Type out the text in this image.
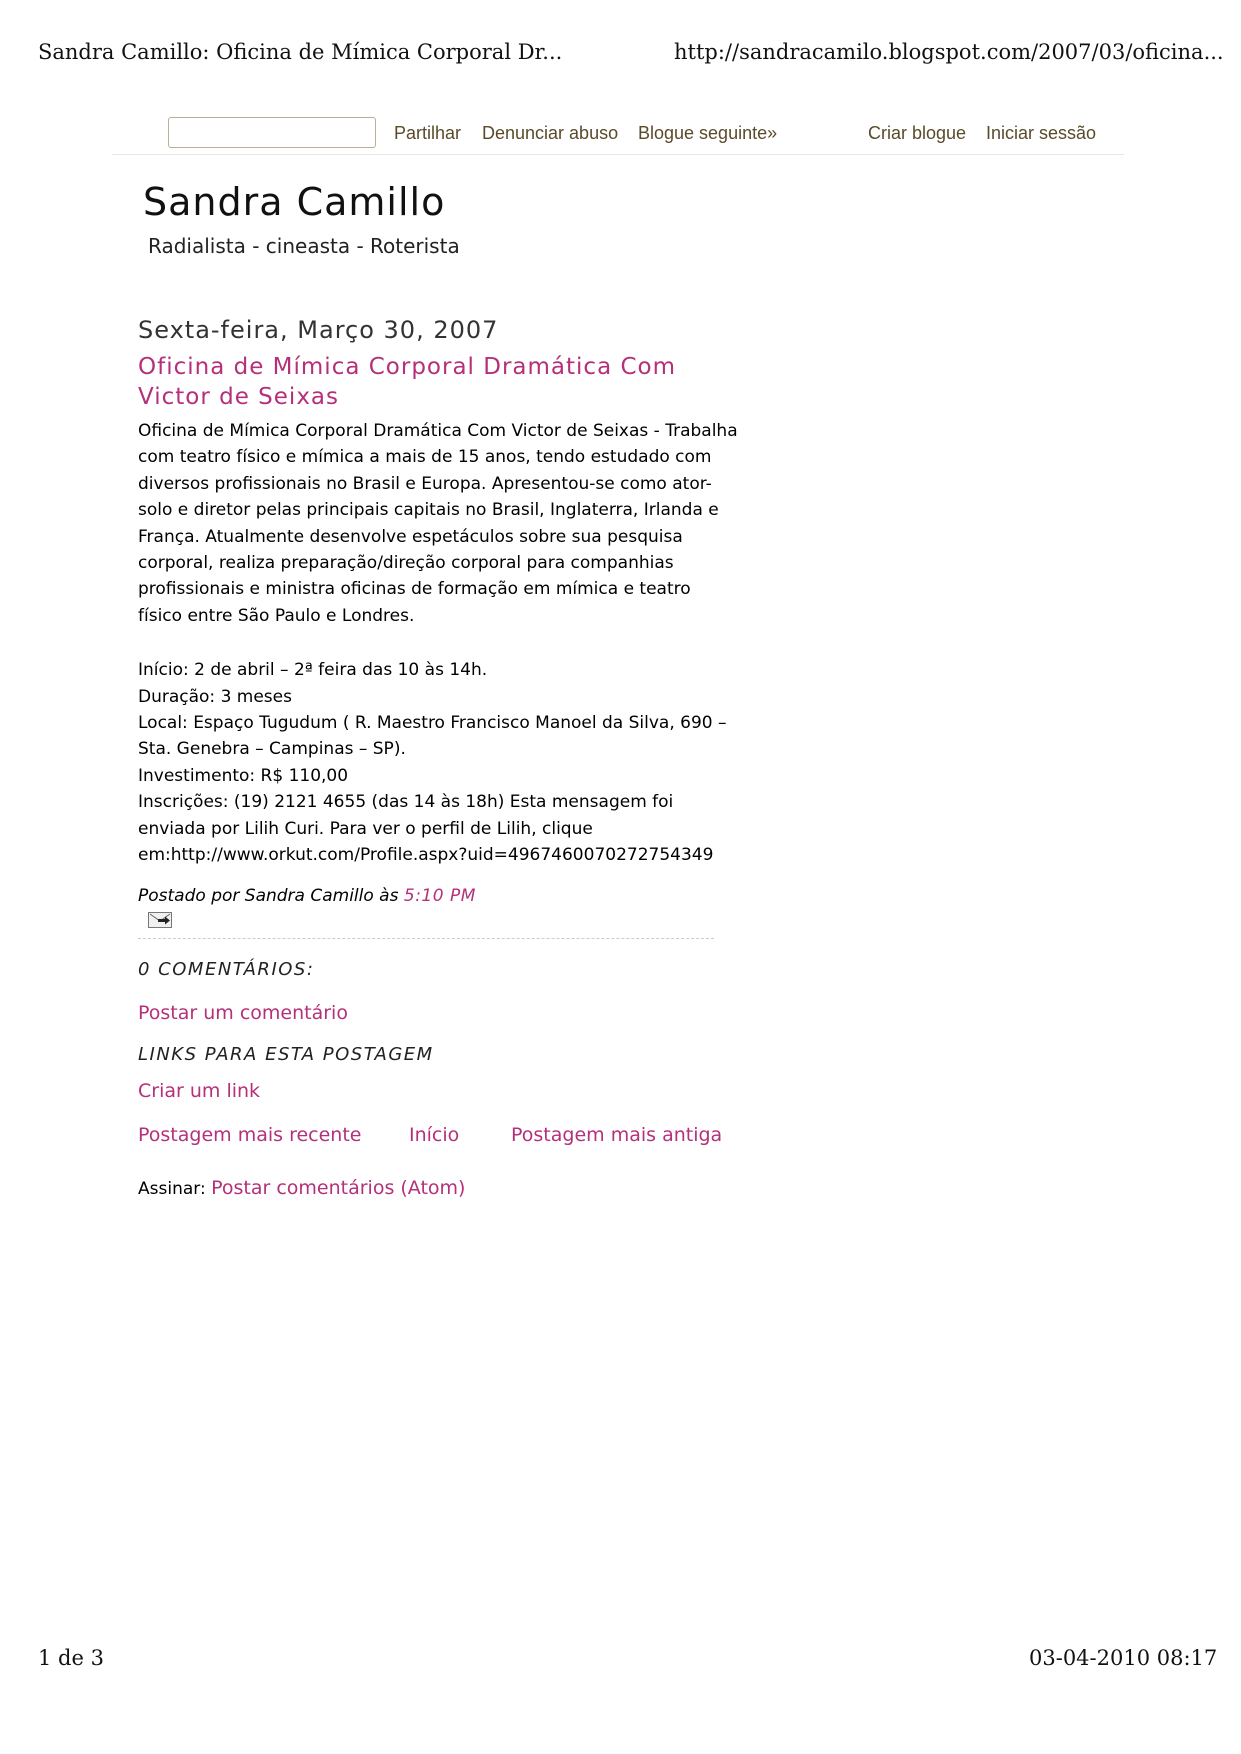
Sandra Camillo: Oficina de Mímica Corporal Dr...	http://sandracamilo.blogspot.com/2007/03/oficina...
Partilhar Denunciar abuso Blogue seguinte»	Criar blogue Iniciar sessão
Sandra Camillo
Radialista - cineasta - Roterista
Sexta-feira, Março 30, 2007
Oficina de Mímica Corporal Dramática Com Victor de Seixas

Oficina de Mímica Corporal Dramática Com Victor de Seixas - Trabalha com teatro físico e mímica a mais de 15 anos, tendo estudado com diversos profissionais no Brasil e Europa. Apresentou-se como ator-solo e diretor pelas principais capitais no Brasil, Inglaterra, Irlanda e França. Atualmente desenvolve espetáculos sobre sua pesquisa corporal, realiza preparação/direção corporal para companhias profissionais e ministra oficinas de formação em mímica e teatro físico entre São Paulo e Londres.

Início: 2 de abril – 2ª feira das 10 às 14h.

Duração: 3 meses

Local: Espaço Tugudum ( R. Maestro Francisco Manoel da Silva, 690 – Sta. Genebra – Campinas – SP).

Investimento: R$ 110,00

Inscrições: (19) 2121 4655 (das 14 às 18h) Esta mensagem foi enviada por Lilih Curi. Para ver o perfil de Lilih, clique em:http://www.orkut.com/Profile.aspx?uid=4967460070272754349

Postado por Sandra Camillo às 5:10 PM
0 COMENTÁRIOS:
Postar um comentário
LINKS PARA ESTA POSTAGEM
Criar um link
Postagem mais recente	Início	Postagem mais antiga
Assinar: Postar comentários (Atom)
1 de 3	03-04-2010 08:17
